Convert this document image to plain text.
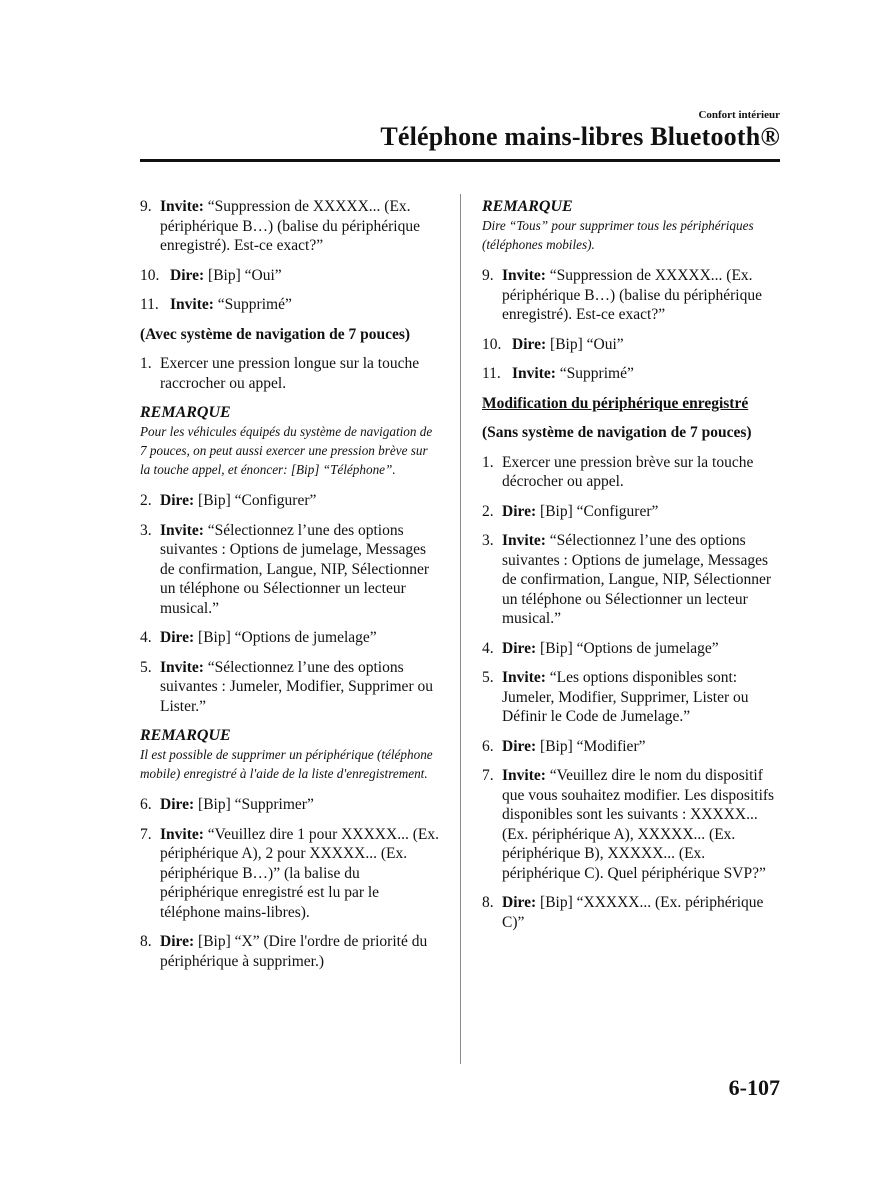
Confort intérieur
Téléphone mains-libres Bluetooth®
9. Invite: “Suppression de XXXXX... (Ex. périphérique B…) (balise du périphérique enregistré). Est-ce exact?”
10. Dire: [Bip] “Oui”
11. Invite: “Supprimé”
(Avec système de navigation de 7 pouces)
1. Exercer une pression longue sur la touche raccrocher ou appel.
REMARQUE
Pour les véhicules équipés du système de navigation de 7 pouces, on peut aussi exercer une pression brève sur la touche appel, et énoncer: [Bip] “Téléphone”.
2. Dire: [Bip] “Configurer”
3. Invite: “Sélectionnez l’une des options suivantes : Options de jumelage, Messages de confirmation, Langue, NIP, Sélectionner un téléphone ou Sélectionner un lecteur musical.”
4. Dire: [Bip] “Options de jumelage”
5. Invite: “Sélectionnez l’une des options suivantes : Jumeler, Modifier, Supprimer ou Lister.”
REMARQUE
Il est possible de supprimer un périphérique (téléphone mobile) enregistré à l'aide de la liste d'enregistrement.
6. Dire: [Bip] “Supprimer”
7. Invite: “Veuillez dire 1 pour XXXXX... (Ex. périphérique A), 2 pour XXXXX... (Ex. périphérique B…)” (la balise du périphérique enregistré est lu par le téléphone mains-libres).
8. Dire: [Bip] “X” (Dire l'ordre de priorité du périphérique à supprimer.)
REMARQUE
Dire “Tous” pour supprimer tous les périphériques (téléphones mobiles).
9. Invite: “Suppression de XXXXX... (Ex. périphérique B…) (balise du périphérique enregistré). Est-ce exact?”
10. Dire: [Bip] “Oui”
11. Invite: “Supprimé”
Modification du périphérique enregistré
(Sans système de navigation de 7 pouces)
1. Exercer une pression brève sur la touche décrocher ou appel.
2. Dire: [Bip] “Configurer”
3. Invite: “Sélectionnez l’une des options suivantes : Options de jumelage, Messages de confirmation, Langue, NIP, Sélectionner un téléphone ou Sélectionner un lecteur musical.”
4. Dire: [Bip] “Options de jumelage”
5. Invite: “Les options disponibles sont: Jumeler, Modifier, Supprimer, Lister ou Définir le Code de Jumelage.”
6. Dire: [Bip] “Modifier”
7. Invite: “Veuillez dire le nom du dispositif que vous souhaitez modifier. Les dispositifs disponibles sont les suivants : XXXXX... (Ex. périphérique A), XXXXX... (Ex. périphérique B), XXXXX... (Ex. périphérique C). Quel périphérique SVP?”
8. Dire: [Bip] “XXXXX... (Ex. périphérique C)”
6-107
